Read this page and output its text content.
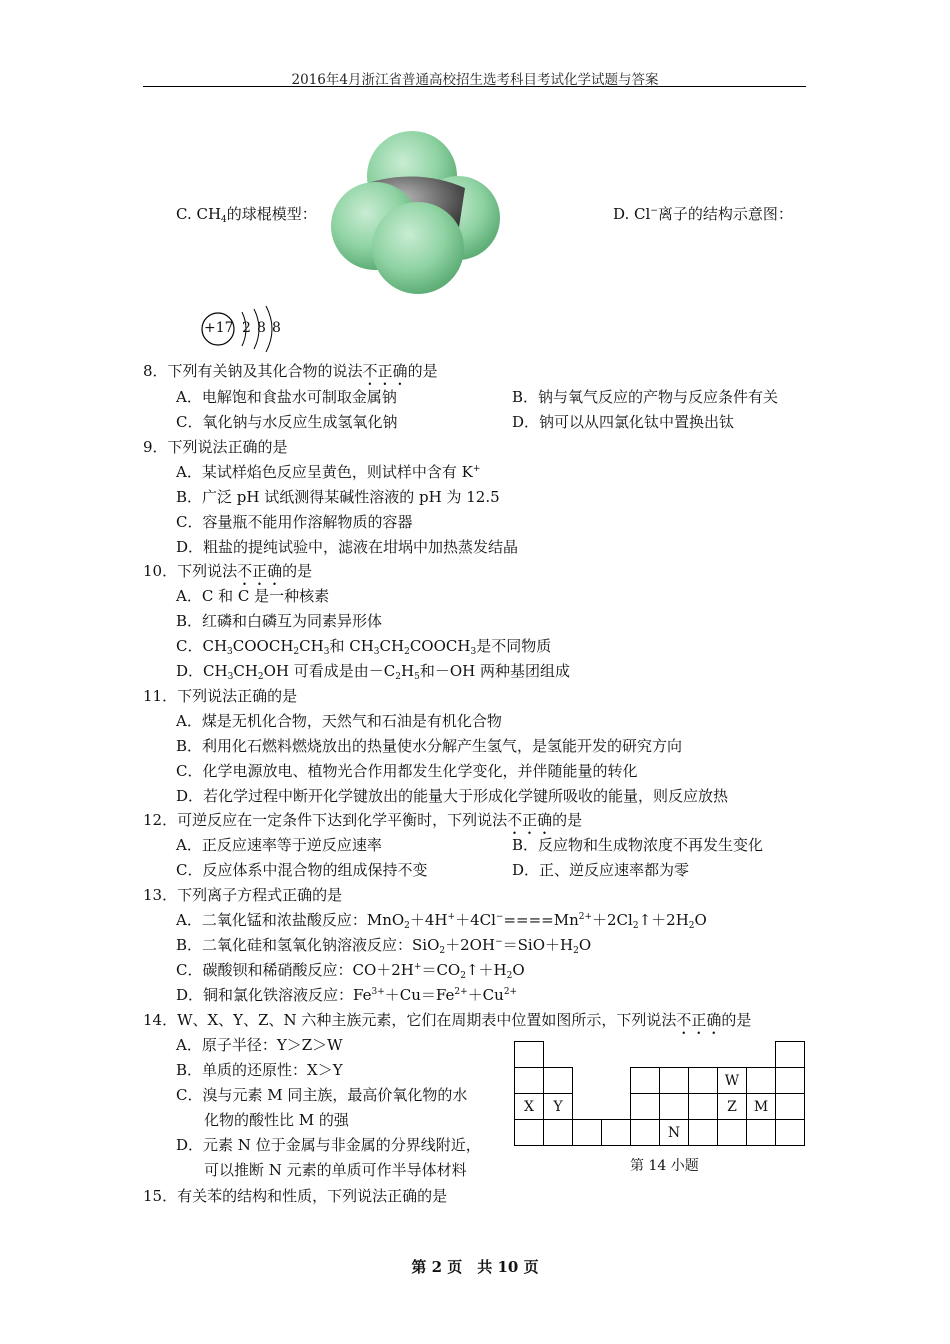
2016年4月浙江省普通高校招生选考科目考试化学试题与答案
C. $CH_4$的球棍模型：	D. Cl−离子的结构示意图：
+17 2 8 8
8．下列有关钠及其化合物的说法不正确的是
A．电解饱和食盐水可制取金属钠	B．钠与氧气反应的产物与反应条件有关
C．氧化钠与水反应生成氢氧化钠	D．钠可以从四氯化钛中置换出钛
9．下列说法正确的是
A．某试样焰色反应呈黄色，则试样中含有 K+
B．广泛 pH 试纸测得某碱性溶液的 pH 为 12.5
C．容量瓶不能用作溶解物质的容器
D．粗盐的提纯试验中，滤液在坩埚中加热蒸发结晶
10．下列说法不正确的是
A．C 和 C 是一种核素
B．红磷和白磷互为同素异形体
C．$CH_3COOCH_2CH_3$和 $CH_3CH_2COOCH_3$是不同物质
D．$CH_3CH_2OH$ 可看成是由$-C_2H_5$和－OH 两种基团组成
11．下列说法正确的是
A．煤是无机化合物，天然气和石油是有机化合物
B．利用化石燃料燃烧放出的热量使水分解产生氢气，是氢能开发的研究方向
C．化学电源放电、植物光合作用都发生化学变化，并伴随能量的转化
D．若化学过程中断开化学键放出的能量大于形成化学键所吸收的能量，则反应放热
12．可逆反应在一定条件下达到化学平衡时，下列说法不正确的是
A．正反应速率等于逆反应速率	B．反应物和生成物浓度不再发生变化
C．反应体系中混合物的组成保持不变	D．正、逆反应速率都为零
13．下列离子方程式正确的是
A．二氧化锰和浓盐酸反应：$MnO_2+4H^++4Cl^-====Mn^{2+}+2Cl_2↑+2H_2O$
B．二氧化硅和氢氧化钠溶液反应：$SiO_2+2OH^-=SiO+H_2O$
C．碳酸钡和稀硝酸反应：$CO+2H^+=CO_2↑+H_2O$
D．铜和氯化铁溶液反应：$Fe^{3+}+Cu=Fe^{2+}+Cu^{2+}$
14．W、X、Y、Z、N 六种主族元素，它们在周期表中位置如图所示，下列说法不正确的是
A．原子半径：Y＞Z＞W
B．单质的还原性：X＞Y
C．溴与元素 M 同主族，最高价氧化物的水
化物的酸性比 M 的强
D．元素 N 位于金属与非金属的分界线附近，
可以推断 N 元素的单质可作半导体材料

							W		
X	Y						Z	M	
					N				
第 14 小题
15．有关苯的结构和性质，下列说法正确的是
第 2 页　共 10 页
